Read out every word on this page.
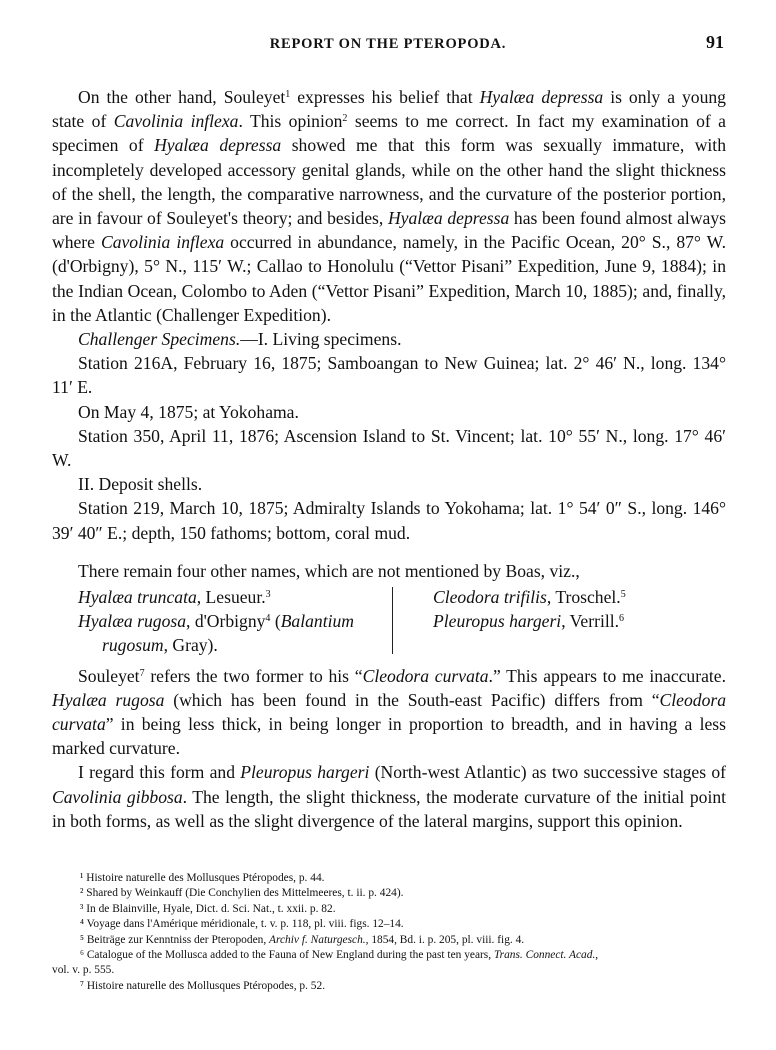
REPORT ON THE PTEROPODA.	91

On the other hand, Souleyet$^1$ expresses his belief that Hyalæa depressa is only a young state of Cavolinia inflexa. This opinion$^2$ seems to me correct. In fact my examination of a specimen of Hyalæa depressa showed me that this form was sexually immature, with incompletely developed accessory genital glands, while on the other hand the slight thickness of the shell, the length, the comparative narrowness, and the curvature of the posterior portion, are in favour of Souleyet's theory; and besides, Hyalæa depressa has been found almost always where Cavolinia inflexa occurred in abundance, namely, in the Pacific Ocean, 20° S., 87° W. (d'Orbigny), 5° N., 115′ W.; Callao to Honolulu (“Vettor Pisani” Expedition, June 9, 1884); in the Indian Ocean, Colombo to Aden (“Vettor Pisani” Expedition, March 10, 1885); and, finally, in the Atlantic (Challenger Expedition).

Challenger Specimens.—I. Living specimens.

Station 216A, February 16, 1875; Samboangan to New Guinea; lat. 2° 46′ N., long. 134° 11′ E.

On May 4, 1875; at Yokohama.

Station 350, April 11, 1876; Ascension Island to St. Vincent; lat. 10° 55′ N., long. 17° 46′ W.

II. Deposit shells.

Station 219, March 10, 1875; Admiralty Islands to Yokohama; lat. 1° 54′ 0″ S., long. 146° 39′ 40″ E.; depth, 150 fathoms; bottom, coral mud.

There remain four other names, which are not mentioned by Boas, viz.,

Hyalæa truncata, Lesueur.$^3$
Hyalæa rugosa, d'Orbigny$^4$ (Balantium
rugosum, Gray).
Cleodora trifilis, Troschel.$^5$
Pleuropus hargeri, Verrill.$^6$

Souleyet$^7$ refers the two former to his “Cleodora curvata.” This appears to me inaccurate. Hyalæa rugosa (which has been found in the South-east Pacific) differs from “Cleodora curvata” in being less thick, in being longer in proportion to breadth, and in having a less marked curvature.

I regard this form and Pleuropus hargeri (North-west Atlantic) as two successive stages of Cavolinia gibbosa. The length, the slight thickness, the moderate curvature of the initial point in both forms, as well as the slight divergence of the lateral margins, support this opinion.

¹ Histoire naturelle des Mollusques Ptéropodes, p. 44.

² Shared by Weinkauff (Die Conchylien des Mittelmeeres, t. ii. p. 424).

³ In de Blainville, Hyale, Dict. d. Sci. Nat., t. xxii. p. 82.

⁴ Voyage dans l'Amérique méridionale, t. v. p. 118, pl. viii. figs. 12–14.

⁵ Beiträge zur Kenntniss der Pteropoden, Archiv f. Naturgesch., 1854, Bd. i. p. 205, pl. viii. fig. 4.

⁶ Catalogue of the Mollusca added to the Fauna of New England during the past ten years, Trans. Connect. Acad.,

vol. v. p. 555.

⁷ Histoire naturelle des Mollusques Ptéropodes, p. 52.
